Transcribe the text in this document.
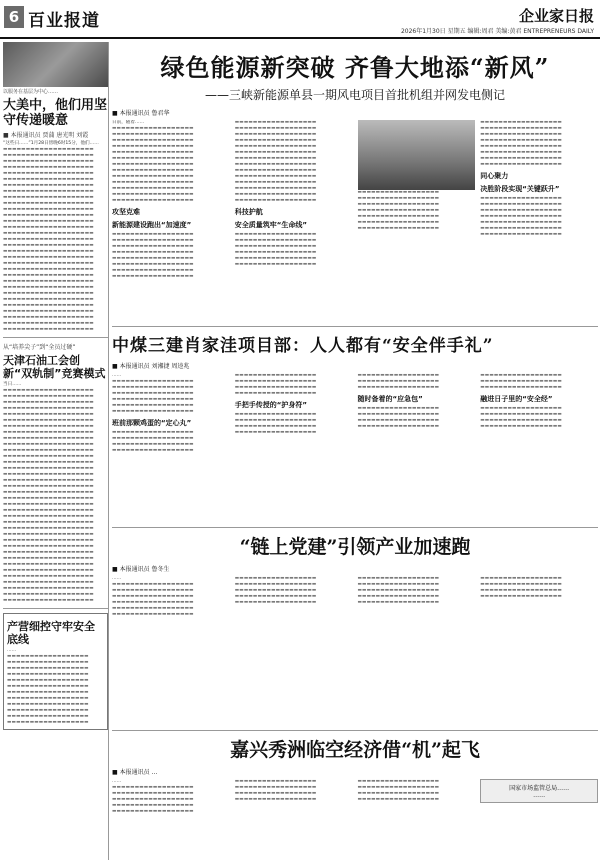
6 百业报道	企业家日报
2026年1月30日 星期五 编辑:周君 美编:黄君 ENTREPRENEURS DAILY
以服务在基层为中心……
大美中，他们用坚守传递暖意
■ 本报通讯员 贾蒲 唐光明 刘霞
“这些日……”1月28日傍晚6时15分，他们……
▬▬▬▬▬▬▬▬▬▬▬▬▬▬▬▬▬▬▬▬ ▬▬▬▬▬▬▬▬▬▬▬▬▬▬▬▬▬▬▬▬ ▬▬▬▬▬▬▬▬▬▬▬▬▬▬▬▬▬▬▬▬ ▬▬▬▬▬▬▬▬▬▬▬▬▬▬▬▬▬▬▬▬ ▬▬▬▬▬▬▬▬▬▬▬▬▬▬▬▬▬▬▬▬ ▬▬▬▬▬▬▬▬▬▬▬▬▬▬▬▬▬▬▬▬ ▬▬▬▬▬▬▬▬▬▬▬▬▬▬▬▬▬▬▬▬ ▬▬▬▬▬▬▬▬▬▬▬▬▬▬▬▬▬▬▬▬ ▬▬▬▬▬▬▬▬▬▬▬▬▬▬▬▬▬▬▬▬ ▬▬▬▬▬▬▬▬▬▬▬▬▬▬▬▬▬▬▬▬ ▬▬▬▬▬▬▬▬▬▬▬▬▬▬▬▬▬▬▬▬ ▬▬▬▬▬▬▬▬▬▬▬▬▬▬▬▬▬▬▬▬ ▬▬▬▬▬▬▬▬▬▬▬▬▬▬▬▬▬▬▬▬ ▬▬▬▬▬▬▬▬▬▬▬▬▬▬▬▬▬▬▬▬ ▬▬▬▬▬▬▬▬▬▬▬▬▬▬▬▬▬▬▬▬ ▬▬▬▬▬▬▬▬▬▬▬▬▬▬▬▬▬▬▬▬ ▬▬▬▬▬▬▬▬▬▬▬▬▬▬▬▬▬▬▬▬ ▬▬▬▬▬▬▬▬▬▬▬▬▬▬▬▬▬▬▬▬ ▬▬▬▬▬▬▬▬▬▬▬▬▬▬▬▬▬▬▬▬ ▬▬▬▬▬▬▬▬▬▬▬▬▬▬▬▬▬▬▬▬ ▬▬▬▬▬▬▬▬▬▬▬▬▬▬▬▬▬▬▬▬ ▬▬▬▬▬▬▬▬▬▬▬▬▬▬▬▬▬▬▬▬ ▬▬▬▬▬▬▬▬▬▬▬▬▬▬▬▬▬▬▬▬ ▬▬▬▬▬▬▬▬▬▬▬▬▬▬▬▬▬▬▬▬ ▬▬▬▬▬▬▬▬▬▬▬▬▬▬▬▬▬▬▬▬ ▬▬▬▬▬▬▬▬▬▬▬▬▬▬▬▬▬▬▬▬ ▬▬▬▬▬▬▬▬▬▬▬▬▬▬▬▬▬▬▬▬ ▬▬▬▬▬▬▬▬▬▬▬▬▬▬▬▬▬▬▬▬ ▬▬▬▬▬▬▬▬▬▬▬▬▬▬▬▬▬▬▬▬ ▬▬▬▬▬▬▬▬▬▬▬▬▬▬▬▬▬▬▬▬ ▬▬▬▬▬▬▬▬▬▬▬▬▬▬▬▬▬▬▬▬
从“培养尖子”到“全员过硬”
天津石油工会创新“双轨制”竞赛模式
当日……
▬▬▬▬▬▬▬▬▬▬▬▬▬▬▬▬▬▬▬▬ ▬▬▬▬▬▬▬▬▬▬▬▬▬▬▬▬▬▬▬▬ ▬▬▬▬▬▬▬▬▬▬▬▬▬▬▬▬▬▬▬▬ ▬▬▬▬▬▬▬▬▬▬▬▬▬▬▬▬▬▬▬▬ ▬▬▬▬▬▬▬▬▬▬▬▬▬▬▬▬▬▬▬▬ ▬▬▬▬▬▬▬▬▬▬▬▬▬▬▬▬▬▬▬▬ ▬▬▬▬▬▬▬▬▬▬▬▬▬▬▬▬▬▬▬▬ ▬▬▬▬▬▬▬▬▬▬▬▬▬▬▬▬▬▬▬▬ ▬▬▬▬▬▬▬▬▬▬▬▬▬▬▬▬▬▬▬▬ ▬▬▬▬▬▬▬▬▬▬▬▬▬▬▬▬▬▬▬▬ ▬▬▬▬▬▬▬▬▬▬▬▬▬▬▬▬▬▬▬▬ ▬▬▬▬▬▬▬▬▬▬▬▬▬▬▬▬▬▬▬▬ ▬▬▬▬▬▬▬▬▬▬▬▬▬▬▬▬▬▬▬▬ ▬▬▬▬▬▬▬▬▬▬▬▬▬▬▬▬▬▬▬▬ ▬▬▬▬▬▬▬▬▬▬▬▬▬▬▬▬▬▬▬▬ ▬▬▬▬▬▬▬▬▬▬▬▬▬▬▬▬▬▬▬▬ ▬▬▬▬▬▬▬▬▬▬▬▬▬▬▬▬▬▬▬▬ ▬▬▬▬▬▬▬▬▬▬▬▬▬▬▬▬▬▬▬▬ ▬▬▬▬▬▬▬▬▬▬▬▬▬▬▬▬▬▬▬▬ ▬▬▬▬▬▬▬▬▬▬▬▬▬▬▬▬▬▬▬▬ ▬▬▬▬▬▬▬▬▬▬▬▬▬▬▬▬▬▬▬▬ ▬▬▬▬▬▬▬▬▬▬▬▬▬▬▬▬▬▬▬▬ ▬▬▬▬▬▬▬▬▬▬▬▬▬▬▬▬▬▬▬▬ ▬▬▬▬▬▬▬▬▬▬▬▬▬▬▬▬▬▬▬▬ ▬▬▬▬▬▬▬▬▬▬▬▬▬▬▬▬▬▬▬▬ ▬▬▬▬▬▬▬▬▬▬▬▬▬▬▬▬▬▬▬▬ ▬▬▬▬▬▬▬▬▬▬▬▬▬▬▬▬▬▬▬▬ ▬▬▬▬▬▬▬▬▬▬▬▬▬▬▬▬▬▬▬▬ ▬▬▬▬▬▬▬▬▬▬▬▬▬▬▬▬▬▬▬▬ ▬▬▬▬▬▬▬▬▬▬▬▬▬▬▬▬▬▬▬▬ ▬▬▬▬▬▬▬▬▬▬▬▬▬▬▬▬▬▬▬▬ ▬▬▬▬▬▬▬▬▬▬▬▬▬▬▬▬▬▬▬▬ ▬▬▬▬▬▬▬▬▬▬▬▬▬▬▬▬▬▬▬▬ ▬▬▬▬▬▬▬▬▬▬▬▬▬▬▬▬▬▬▬▬ ▬▬▬▬▬▬▬▬▬▬▬▬▬▬▬▬▬▬▬▬ ▬▬▬▬▬▬▬▬▬▬▬▬▬▬▬▬▬▬▬▬
产营细控守牢安全底线
……
▬▬▬▬▬▬▬▬▬▬▬▬▬▬▬▬▬▬ ▬▬▬▬▬▬▬▬▬▬▬▬▬▬▬▬▬▬ ▬▬▬▬▬▬▬▬▬▬▬▬▬▬▬▬▬▬ ▬▬▬▬▬▬▬▬▬▬▬▬▬▬▬▬▬▬ ▬▬▬▬▬▬▬▬▬▬▬▬▬▬▬▬▬▬ ▬▬▬▬▬▬▬▬▬▬▬▬▬▬▬▬▬▬ ▬▬▬▬▬▬▬▬▬▬▬▬▬▬▬▬▬▬ ▬▬▬▬▬▬▬▬▬▬▬▬▬▬▬▬▬▬ ▬▬▬▬▬▬▬▬▬▬▬▬▬▬▬▬▬▬ ▬▬▬▬▬▬▬▬▬▬▬▬▬▬▬▬▬▬ ▬▬▬▬▬▬▬▬▬▬▬▬▬▬▬▬▬▬ ▬▬▬▬▬▬▬▬▬▬▬▬▬▬▬▬▬▬
绿色能源新突破 齐鲁大地添“新风”
——三峡新能源单县一期风电项目首批机组并网发电侧记
■ 本报通讯员 鲁君华
日前，随着……
▬▬▬▬▬▬▬▬▬▬▬▬▬▬▬▬▬▬ ▬▬▬▬▬▬▬▬▬▬▬▬▬▬▬▬▬▬ ▬▬▬▬▬▬▬▬▬▬▬▬▬▬▬▬▬▬ ▬▬▬▬▬▬▬▬▬▬▬▬▬▬▬▬▬▬ ▬▬▬▬▬▬▬▬▬▬▬▬▬▬▬▬▬▬ ▬▬▬▬▬▬▬▬▬▬▬▬▬▬▬▬▬▬ ▬▬▬▬▬▬▬▬▬▬▬▬▬▬▬▬▬▬ ▬▬▬▬▬▬▬▬▬▬▬▬▬▬▬▬▬▬ ▬▬▬▬▬▬▬▬▬▬▬▬▬▬▬▬▬▬ ▬▬▬▬▬▬▬▬▬▬▬▬▬▬▬▬▬▬ ▬▬▬▬▬▬▬▬▬▬▬▬▬▬▬▬▬▬ ▬▬▬▬▬▬▬▬▬▬▬▬▬▬▬▬▬▬ ▬▬▬▬▬▬▬▬▬▬▬▬▬▬▬▬▬▬
攻坚克难
新能源建设跑出“加速度”
▬▬▬▬▬▬▬▬▬▬▬▬▬▬▬▬▬▬ ▬▬▬▬▬▬▬▬▬▬▬▬▬▬▬▬▬▬ ▬▬▬▬▬▬▬▬▬▬▬▬▬▬▬▬▬▬ ▬▬▬▬▬▬▬▬▬▬▬▬▬▬▬▬▬▬ ▬▬▬▬▬▬▬▬▬▬▬▬▬▬▬▬▬▬ ▬▬▬▬▬▬▬▬▬▬▬▬▬▬▬▬▬▬ ▬▬▬▬▬▬▬▬▬▬▬▬▬▬▬▬▬▬ ▬▬▬▬▬▬▬▬▬▬▬▬▬▬▬▬▬▬
▬▬▬▬▬▬▬▬▬▬▬▬▬▬▬▬▬▬ ▬▬▬▬▬▬▬▬▬▬▬▬▬▬▬▬▬▬ ▬▬▬▬▬▬▬▬▬▬▬▬▬▬▬▬▬▬ ▬▬▬▬▬▬▬▬▬▬▬▬▬▬▬▬▬▬ ▬▬▬▬▬▬▬▬▬▬▬▬▬▬▬▬▬▬ ▬▬▬▬▬▬▬▬▬▬▬▬▬▬▬▬▬▬ ▬▬▬▬▬▬▬▬▬▬▬▬▬▬▬▬▬▬ ▬▬▬▬▬▬▬▬▬▬▬▬▬▬▬▬▬▬ ▬▬▬▬▬▬▬▬▬▬▬▬▬▬▬▬▬▬ ▬▬▬▬▬▬▬▬▬▬▬▬▬▬▬▬▬▬ ▬▬▬▬▬▬▬▬▬▬▬▬▬▬▬▬▬▬ ▬▬▬▬▬▬▬▬▬▬▬▬▬▬▬▬▬▬ ▬▬▬▬▬▬▬▬▬▬▬▬▬▬▬▬▬▬ ▬▬▬▬▬▬▬▬▬▬▬▬▬▬▬▬▬▬
科技护航
安全质量筑牢“生命线”
▬▬▬▬▬▬▬▬▬▬▬▬▬▬▬▬▬▬ ▬▬▬▬▬▬▬▬▬▬▬▬▬▬▬▬▬▬ ▬▬▬▬▬▬▬▬▬▬▬▬▬▬▬▬▬▬ ▬▬▬▬▬▬▬▬▬▬▬▬▬▬▬▬▬▬ ▬▬▬▬▬▬▬▬▬▬▬▬▬▬▬▬▬▬ ▬▬▬▬▬▬▬▬▬▬▬▬▬▬▬▬▬▬
▬▬▬▬▬▬▬▬▬▬▬▬▬▬▬▬▬▬ ▬▬▬▬▬▬▬▬▬▬▬▬▬▬▬▬▬▬ ▬▬▬▬▬▬▬▬▬▬▬▬▬▬▬▬▬▬ ▬▬▬▬▬▬▬▬▬▬▬▬▬▬▬▬▬▬ ▬▬▬▬▬▬▬▬▬▬▬▬▬▬▬▬▬▬ ▬▬▬▬▬▬▬▬▬▬▬▬▬▬▬▬▬▬ ▬▬▬▬▬▬▬▬▬▬▬▬▬▬▬▬▬▬
▬▬▬▬▬▬▬▬▬▬▬▬▬▬▬▬▬▬ ▬▬▬▬▬▬▬▬▬▬▬▬▬▬▬▬▬▬ ▬▬▬▬▬▬▬▬▬▬▬▬▬▬▬▬▬▬ ▬▬▬▬▬▬▬▬▬▬▬▬▬▬▬▬▬▬ ▬▬▬▬▬▬▬▬▬▬▬▬▬▬▬▬▬▬ ▬▬▬▬▬▬▬▬▬▬▬▬▬▬▬▬▬▬ ▬▬▬▬▬▬▬▬▬▬▬▬▬▬▬▬▬▬ ▬▬▬▬▬▬▬▬▬▬▬▬▬▬▬▬▬▬
同心聚力
决胜阶段实现“关键跃升”
▬▬▬▬▬▬▬▬▬▬▬▬▬▬▬▬▬▬ ▬▬▬▬▬▬▬▬▬▬▬▬▬▬▬▬▬▬ ▬▬▬▬▬▬▬▬▬▬▬▬▬▬▬▬▬▬ ▬▬▬▬▬▬▬▬▬▬▬▬▬▬▬▬▬▬ ▬▬▬▬▬▬▬▬▬▬▬▬▬▬▬▬▬▬ ▬▬▬▬▬▬▬▬▬▬▬▬▬▬▬▬▬▬ ▬▬▬▬▬▬▬▬▬▬▬▬▬▬▬▬▬▬
中煤三建肖家洼项目部：人人都有“安全伴手礼”
■ 本报通讯员 刘湘捷 周逵兆
……
▬▬▬▬▬▬▬▬▬▬▬▬▬▬▬▬▬▬ ▬▬▬▬▬▬▬▬▬▬▬▬▬▬▬▬▬▬ ▬▬▬▬▬▬▬▬▬▬▬▬▬▬▬▬▬▬ ▬▬▬▬▬▬▬▬▬▬▬▬▬▬▬▬▬▬ ▬▬▬▬▬▬▬▬▬▬▬▬▬▬▬▬▬▬ ▬▬▬▬▬▬▬▬▬▬▬▬▬▬▬▬▬▬
班前那颗鸡蛋的“定心丸”
▬▬▬▬▬▬▬▬▬▬▬▬▬▬▬▬▬▬ ▬▬▬▬▬▬▬▬▬▬▬▬▬▬▬▬▬▬ ▬▬▬▬▬▬▬▬▬▬▬▬▬▬▬▬▬▬ ▬▬▬▬▬▬▬▬▬▬▬▬▬▬▬▬▬▬
▬▬▬▬▬▬▬▬▬▬▬▬▬▬▬▬▬▬ ▬▬▬▬▬▬▬▬▬▬▬▬▬▬▬▬▬▬ ▬▬▬▬▬▬▬▬▬▬▬▬▬▬▬▬▬▬ ▬▬▬▬▬▬▬▬▬▬▬▬▬▬▬▬▬▬
手把手传授的“护身符”
▬▬▬▬▬▬▬▬▬▬▬▬▬▬▬▬▬▬ ▬▬▬▬▬▬▬▬▬▬▬▬▬▬▬▬▬▬ ▬▬▬▬▬▬▬▬▬▬▬▬▬▬▬▬▬▬ ▬▬▬▬▬▬▬▬▬▬▬▬▬▬▬▬▬▬
▬▬▬▬▬▬▬▬▬▬▬▬▬▬▬▬▬▬ ▬▬▬▬▬▬▬▬▬▬▬▬▬▬▬▬▬▬ ▬▬▬▬▬▬▬▬▬▬▬▬▬▬▬▬▬▬
随时备着的“应急包”
▬▬▬▬▬▬▬▬▬▬▬▬▬▬▬▬▬▬ ▬▬▬▬▬▬▬▬▬▬▬▬▬▬▬▬▬▬ ▬▬▬▬▬▬▬▬▬▬▬▬▬▬▬▬▬▬ ▬▬▬▬▬▬▬▬▬▬▬▬▬▬▬▬▬▬
▬▬▬▬▬▬▬▬▬▬▬▬▬▬▬▬▬▬ ▬▬▬▬▬▬▬▬▬▬▬▬▬▬▬▬▬▬ ▬▬▬▬▬▬▬▬▬▬▬▬▬▬▬▬▬▬
融进日子里的“安全经”
▬▬▬▬▬▬▬▬▬▬▬▬▬▬▬▬▬▬ ▬▬▬▬▬▬▬▬▬▬▬▬▬▬▬▬▬▬ ▬▬▬▬▬▬▬▬▬▬▬▬▬▬▬▬▬▬ ▬▬▬▬▬▬▬▬▬▬▬▬▬▬▬▬▬▬
“链上党建”引领产业加速跑
■ 本报通讯员 鲁冬生
……
▬▬▬▬▬▬▬▬▬▬▬▬▬▬▬▬▬▬ ▬▬▬▬▬▬▬▬▬▬▬▬▬▬▬▬▬▬ ▬▬▬▬▬▬▬▬▬▬▬▬▬▬▬▬▬▬ ▬▬▬▬▬▬▬▬▬▬▬▬▬▬▬▬▬▬ ▬▬▬▬▬▬▬▬▬▬▬▬▬▬▬▬▬▬ ▬▬▬▬▬▬▬▬▬▬▬▬▬▬▬▬▬▬
▬▬▬▬▬▬▬▬▬▬▬▬▬▬▬▬▬▬ ▬▬▬▬▬▬▬▬▬▬▬▬▬▬▬▬▬▬ ▬▬▬▬▬▬▬▬▬▬▬▬▬▬▬▬▬▬ ▬▬▬▬▬▬▬▬▬▬▬▬▬▬▬▬▬▬ ▬▬▬▬▬▬▬▬▬▬▬▬▬▬▬▬▬▬
▬▬▬▬▬▬▬▬▬▬▬▬▬▬▬▬▬▬ ▬▬▬▬▬▬▬▬▬▬▬▬▬▬▬▬▬▬ ▬▬▬▬▬▬▬▬▬▬▬▬▬▬▬▬▬▬ ▬▬▬▬▬▬▬▬▬▬▬▬▬▬▬▬▬▬ ▬▬▬▬▬▬▬▬▬▬▬▬▬▬▬▬▬▬
▬▬▬▬▬▬▬▬▬▬▬▬▬▬▬▬▬▬ ▬▬▬▬▬▬▬▬▬▬▬▬▬▬▬▬▬▬ ▬▬▬▬▬▬▬▬▬▬▬▬▬▬▬▬▬▬ ▬▬▬▬▬▬▬▬▬▬▬▬▬▬▬▬▬▬
嘉兴秀洲临空经济借“机”起飞
■ 本报通讯员 …
……
▬▬▬▬▬▬▬▬▬▬▬▬▬▬▬▬▬▬ ▬▬▬▬▬▬▬▬▬▬▬▬▬▬▬▬▬▬ ▬▬▬▬▬▬▬▬▬▬▬▬▬▬▬▬▬▬ ▬▬▬▬▬▬▬▬▬▬▬▬▬▬▬▬▬▬ ▬▬▬▬▬▬▬▬▬▬▬▬▬▬▬▬▬▬
▬▬▬▬▬▬▬▬▬▬▬▬▬▬▬▬▬▬ ▬▬▬▬▬▬▬▬▬▬▬▬▬▬▬▬▬▬ ▬▬▬▬▬▬▬▬▬▬▬▬▬▬▬▬▬▬ ▬▬▬▬▬▬▬▬▬▬▬▬▬▬▬▬▬▬
▬▬▬▬▬▬▬▬▬▬▬▬▬▬▬▬▬▬ ▬▬▬▬▬▬▬▬▬▬▬▬▬▬▬▬▬▬ ▬▬▬▬▬▬▬▬▬▬▬▬▬▬▬▬▬▬ ▬▬▬▬▬▬▬▬▬▬▬▬▬▬▬▬▬▬
国家市场监管总局……
……
